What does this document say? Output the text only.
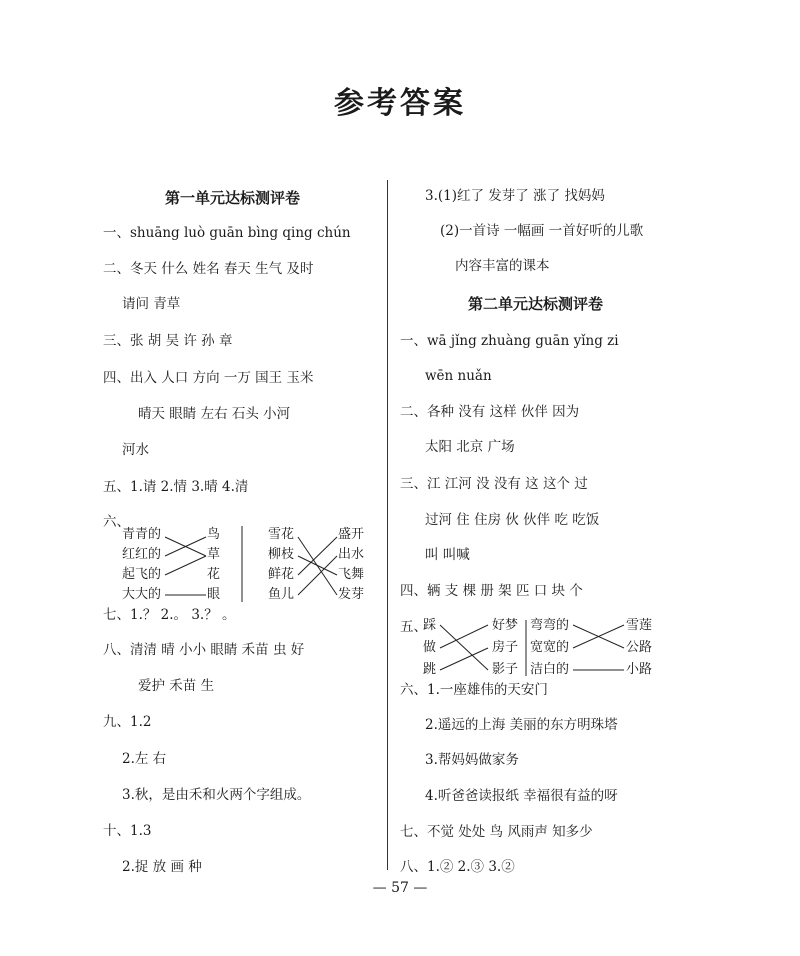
参考答案
第一单元达标测评卷
一、shuāng luò guān bìng qing chún
二、冬天 什么 姓名 春天 生气 及时
请问 青草
三、张 胡 吴 许 孙 章
四、出入 人口 方向 一万 国王 玉米
晴天 眼睛 左右 石头 小河
河水
五、1.请 2.情 3.晴 4.清
六、
青青的
红红的
起飞的
大大的
鸟
草
花
眼
雪花
柳枝
鲜花
鱼儿
盛开
出水
飞舞
发芽
七、1.？ 2.。 3.？ 。
八、清清 晴 小小 眼睛 禾苗 虫 好
爱护 禾苗 生
九、1.2
2.左 右
3.秋，是由禾和火两个字组成。
十、1.3
2.捉 放 画 种
3.(1)红了 发芽了 涨了 找妈妈
(2)一首诗 一幅画 一首好听的儿歌
内容丰富的课本
第二单元达标测评卷
一、wā jǐng zhuàng guān yǐng zi
wēn nuǎn
二、各种 没有 这样 伙伴 因为
太阳 北京 广场
三、江 江河 没 没有 这 这个 过
过河 住 住房 伙 伙伴 吃 吃饭
叫 叫喊
四、辆 支 棵 册 架 匹 口 块 个
五、
踩
做
跳
好梦
房子
影子
弯弯的
宽宽的
洁白的
雪莲
公路
小路
六、1.一座雄伟的天安门
2.遥远的上海 美丽的东方明珠塔
3.帮妈妈做家务
4.听爸爸读报纸 幸福很有益的呀
七、不觉 处处 鸟 风雨声 知多少
八、1.② 2.③ 3.②
— 57 —
